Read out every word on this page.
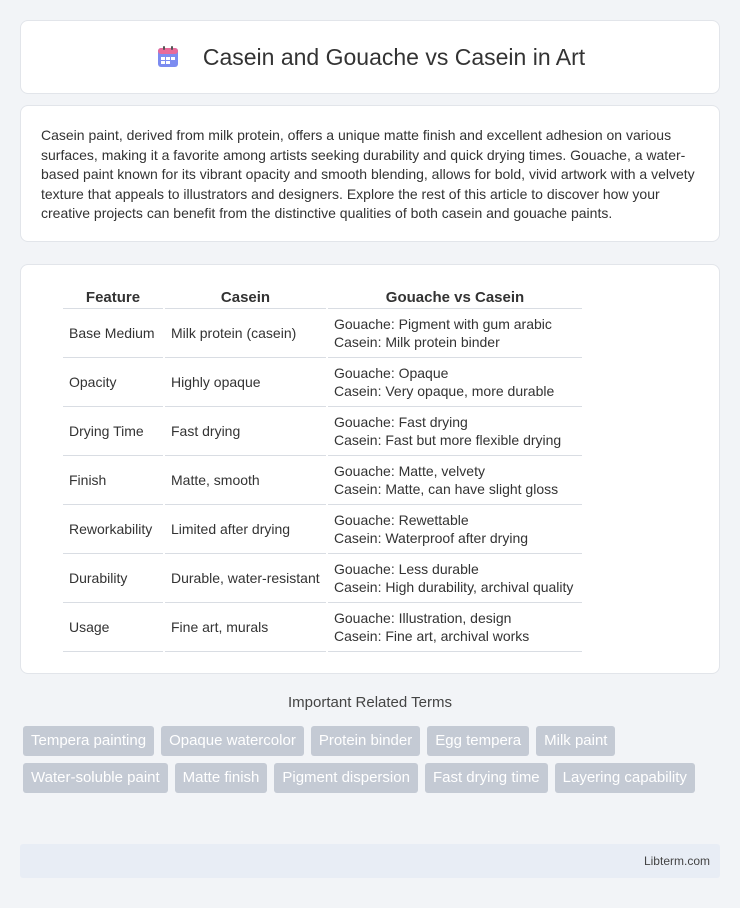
Casein and Gouache vs Casein in Art

Casein paint, derived from milk protein, offers a unique matte finish and excellent adhesion on various surfaces, making it a favorite among artists seeking durability and quick drying times. Gouache, a water-based paint known for its vibrant opacity and smooth blending, allows for bold, vivid artwork with a velvety texture that appeals to illustrators and designers. Explore the rest of this article to discover how your creative projects can benefit from the distinctive qualities of both casein and gouache paints.

Feature	Casein	Gouache vs Casein
Base Medium	Milk protein (casein)	Gouache: Pigment with gum arabic
Casein: Milk protein binder

Opacity	Highly opaque	Gouache: Opaque
Casein: Very opaque, more durable

Drying Time	Fast drying	Gouache: Fast drying
Casein: Fast but more flexible drying

Finish	Matte, smooth	Gouache: Matte, velvety
Casein: Matte, can have slight gloss

Reworkability	Limited after drying	Gouache: Rewettable
Casein: Waterproof after drying

Durability	Durable, water-resistant	Gouache: Less durable
Casein: High durability, archival quality

Usage	Fine art, murals	Gouache: Illustration, design
Casein: Fine art, archival works
Important Related Terms
Tempera painting	Opaque watercolor	Protein binder	Egg tempera	Milk paint
Water-soluble paint	Matte finish	Pigment dispersion	Fast drying time	Layering capability
Libterm.com
